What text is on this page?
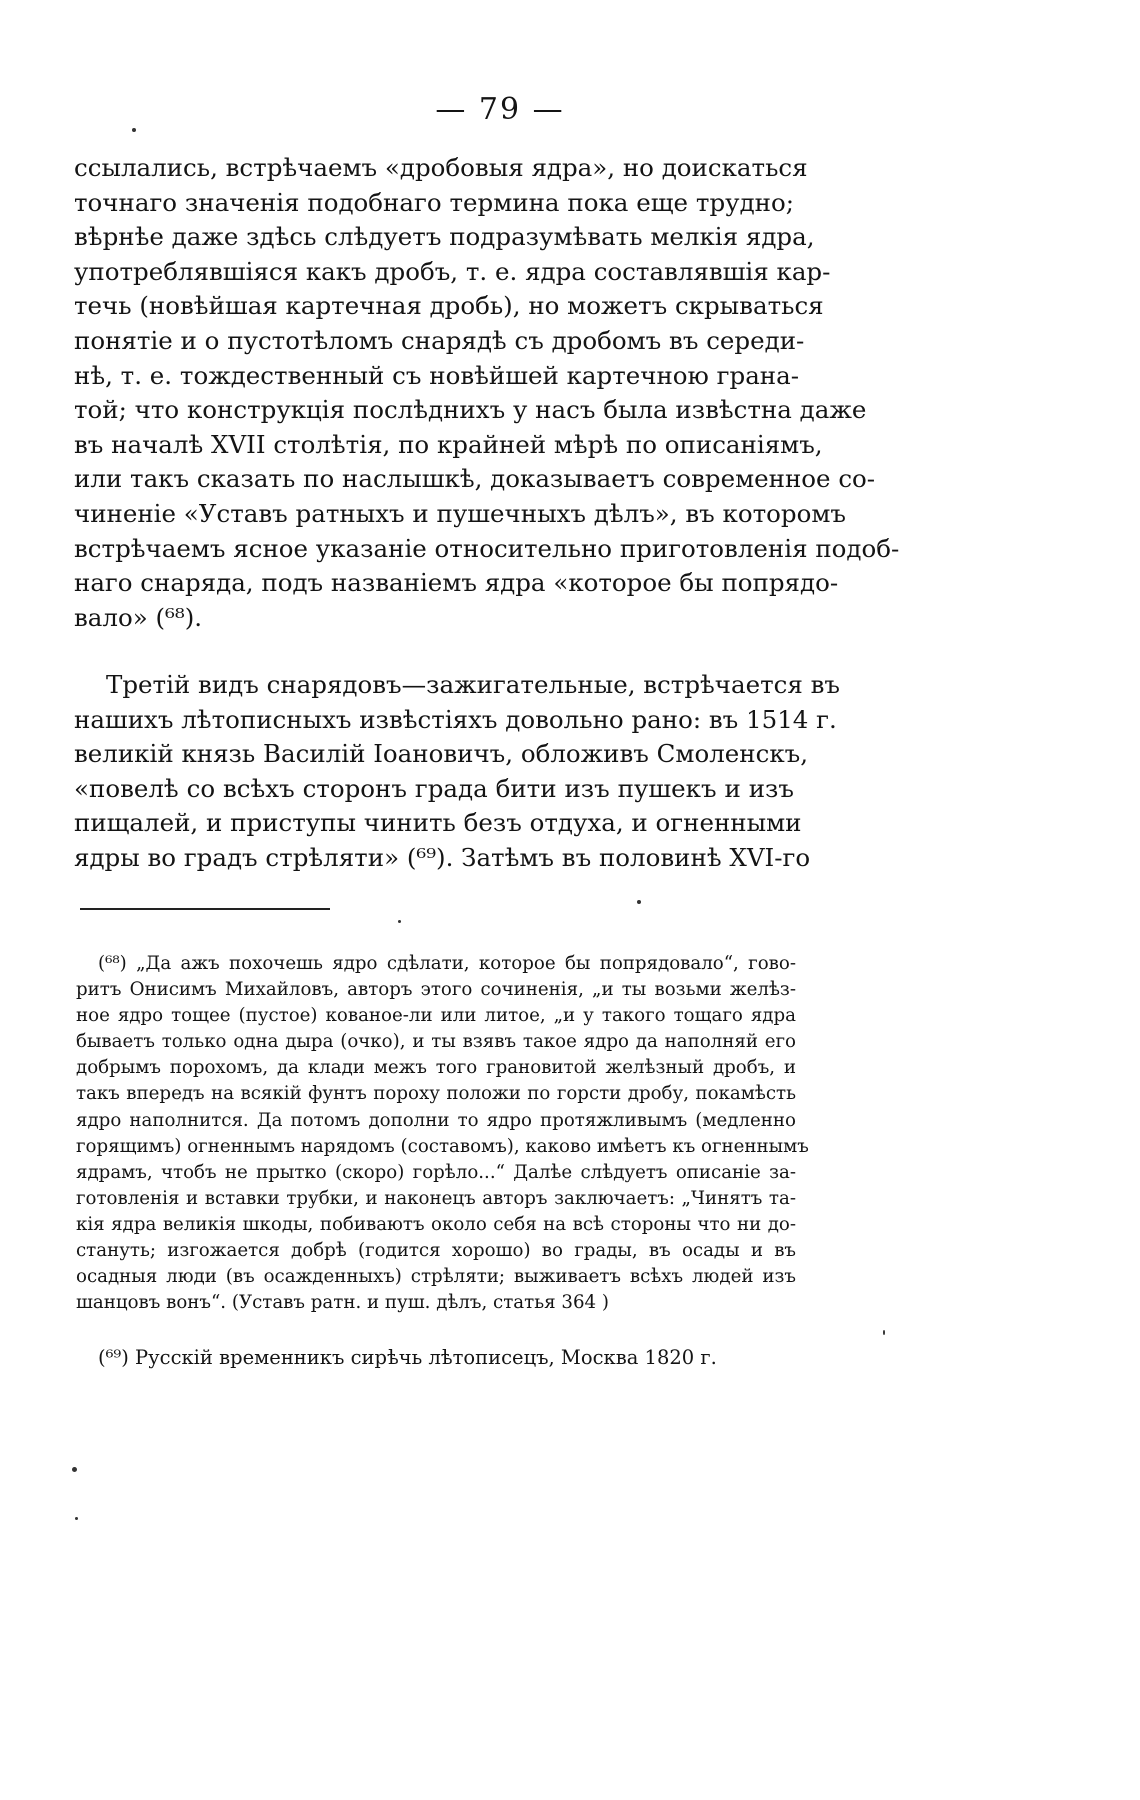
— 79 —
ссылались, встрѣчаемъ «дробовыя ядра», но доискаться
точнаго значенія подобнаго термина пока еще трудно;
вѣрнѣе даже здѣсь слѣдуетъ подразумѣвать мелкія ядра,
употреблявшіяся какъ дробъ, т. е. ядра составлявшія кар-
течь (новѣйшая картечная дробь), но можетъ скрываться
понятіе и о пустотѣломъ снарядѣ съ дробомъ въ середи-
нѣ, т. е. тождественный съ новѣйшей картечною грана-
той; что конструкція послѣднихъ у насъ была извѣстна даже
въ началѣ XVII столѣтія, по крайней мѣрѣ по описаніямъ,
или такъ сказать по наслышкѣ, доказываетъ современное со-
чиненіе «Уставъ ратныхъ и пушечныхъ дѣлъ», въ которомъ
встрѣчаемъ ясное указаніе относительно приготовленія подоб-
наго снаряда, подъ названіемъ ядра «которое бы попрядо-
вало» (⁶⁸).
Третій видъ снарядовъ—зажигательные, встрѣчается въ
нашихъ лѣтописныхъ извѣстіяхъ довольно рано: въ 1514 г.
великій князь Василій Іоановичъ, обложивъ Смоленскъ,
«повелѣ со всѣхъ сторонъ града бити изъ пушекъ и изъ
пищалей, и приступы чинить безъ отдуха, и огненными
ядры во градъ стрѣляти» (⁶⁹). Затѣмъ въ половинѣ XVI-го
(⁶⁸) „Да ажъ похочешь ядро сдѣлати, которое бы попрядовало“, гово-
ритъ Онисимъ Михайловъ, авторъ этого сочиненія, „и ты возьми желѣз-
ное ядро тощее (пустое) кованое-ли или литое, „и у такого тощаго ядра
бываетъ только одна дыра (очко), и ты взявъ такое ядро да наполняй его
добрымъ порохомъ, да клади межъ того грановитой желѣзный дробъ, и
такъ впередъ на всякій фунтъ пороху положи по горсти дробу, покамѣсть
ядро наполнится. Да потомъ дополни то ядро протяжливымъ (медленно
горящимъ) огненнымъ нарядомъ (составомъ), каково имѣетъ къ огненнымъ
ядрамъ, чтобъ не прытко (скоро) горѣло...“ Далѣе слѣдуетъ описаніе за-
готовленія и вставки трубки, и наконецъ авторъ заключаетъ: „Чинятъ та-
кія ядра великія шкоды, побиваютъ около себя на всѣ стороны что ни до-
стануть; изгожается добрѣ (годится хорошо) во грады, въ осады и въ
осадныя люди (въ осажденныхъ) стрѣляти; выживаетъ всѣхъ людей изъ
шанцовъ вонъ“. (Уставъ ратн. и пуш. дѣлъ, статья 364 )
(⁶⁹) Русскій временникъ сирѣчь лѣтописецъ, Москва 1820 г.
